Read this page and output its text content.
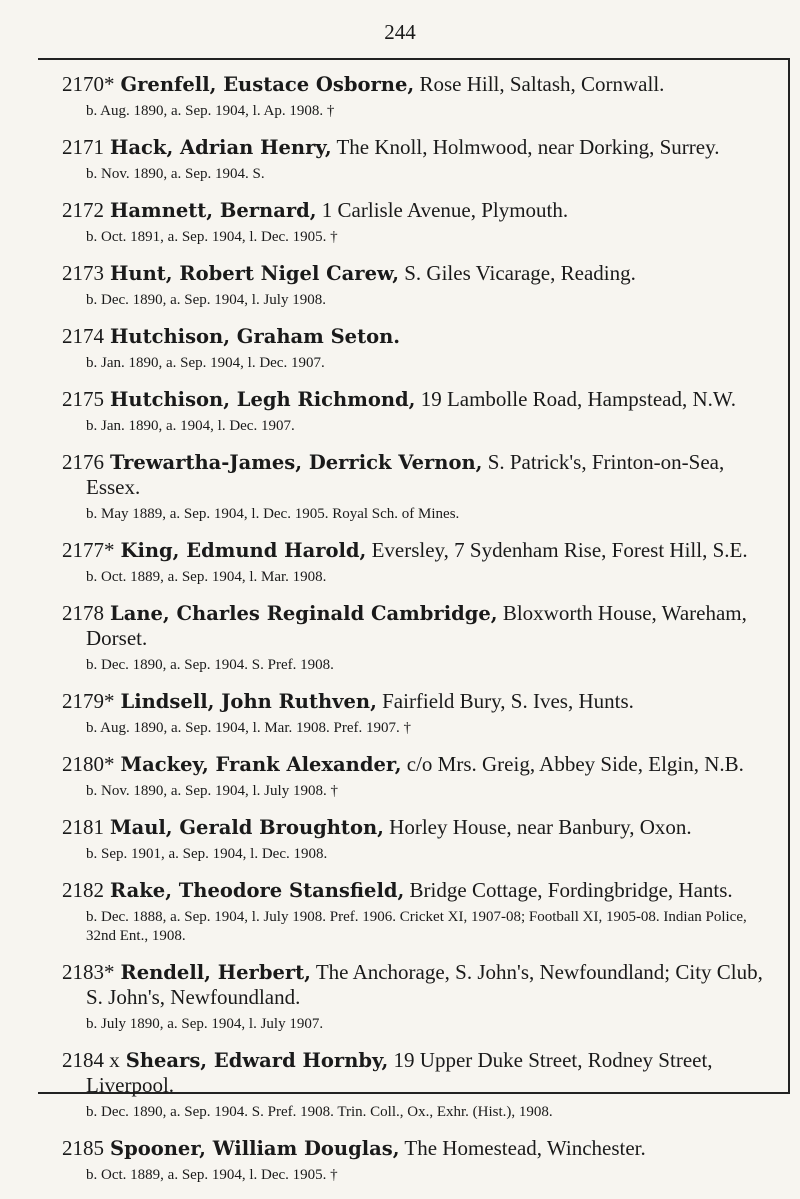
244
2170* Grenfell, Eustace Osborne, Rose Hill, Saltash, Cornwall.
b. Aug. 1890, a. Sep. 1904, l. Ap. 1908. †
2171 Hack, Adrian Henry, The Knoll, Holmwood, near Dorking, Surrey.
b. Nov. 1890, a. Sep. 1904. S.
2172 Hamnett, Bernard, 1 Carlisle Avenue, Plymouth.
b. Oct. 1891, a. Sep. 1904, l. Dec. 1905. †
2173 Hunt, Robert Nigel Carew, S. Giles Vicarage, Reading.
b. Dec. 1890, a. Sep. 1904, l. July 1908.
2174 Hutchison, Graham Seton.
b. Jan. 1890, a. Sep. 1904, l. Dec. 1907.
2175 Hutchison, Legh Richmond, 19 Lambolle Road, Hampstead, N.W.
b. Jan. 1890, a. 1904, l. Dec. 1907.
2176 Trewartha-James, Derrick Vernon, S. Patrick's, Frinton-on-Sea, Essex.
b. May 1889, a. Sep. 1904, l. Dec. 1905. Royal Sch. of Mines.
2177* King, Edmund Harold, Eversley, 7 Sydenham Rise, Forest Hill, S.E.
b. Oct. 1889, a. Sep. 1904, l. Mar. 1908.
2178 Lane, Charles Reginald Cambridge, Bloxworth House, Wareham, Dorset.
b. Dec. 1890, a. Sep. 1904. S. Pref. 1908.
2179* Lindsell, John Ruthven, Fairfield Bury, S. Ives, Hunts.
b. Aug. 1890, a. Sep. 1904, l. Mar. 1908. Pref. 1907. †
2180* Mackey, Frank Alexander, c/o Mrs. Greig, Abbey Side, Elgin, N.B.
b. Nov. 1890, a. Sep. 1904, l. July 1908. †
2181 Maul, Gerald Broughton, Horley House, near Banbury, Oxon.
b. Sep. 1901, a. Sep. 1904, l. Dec. 1908.
2182 Rake, Theodore Stansfield, Bridge Cottage, Fordingbridge, Hants.
b. Dec. 1888, a. Sep. 1904, l. July 1908. Pref. 1906. Cricket XI, 1907-08; Football XI, 1905-08. Indian Police, 32nd Ent., 1908.
2183* Rendell, Herbert, The Anchorage, S. John's, Newfoundland; City Club, S. John's, Newfoundland.
b. July 1890, a. Sep. 1904, l. July 1907.
2184 x Shears, Edward Hornby, 19 Upper Duke Street, Rodney Street, Liverpool.
b. Dec. 1890, a. Sep. 1904. S. Pref. 1908. Trin. Coll., Ox., Exhr. (Hist.), 1908.
2185 Spooner, William Douglas, The Homestead, Winchester.
b. Oct. 1889, a. Sep. 1904, l. Dec. 1905. †
